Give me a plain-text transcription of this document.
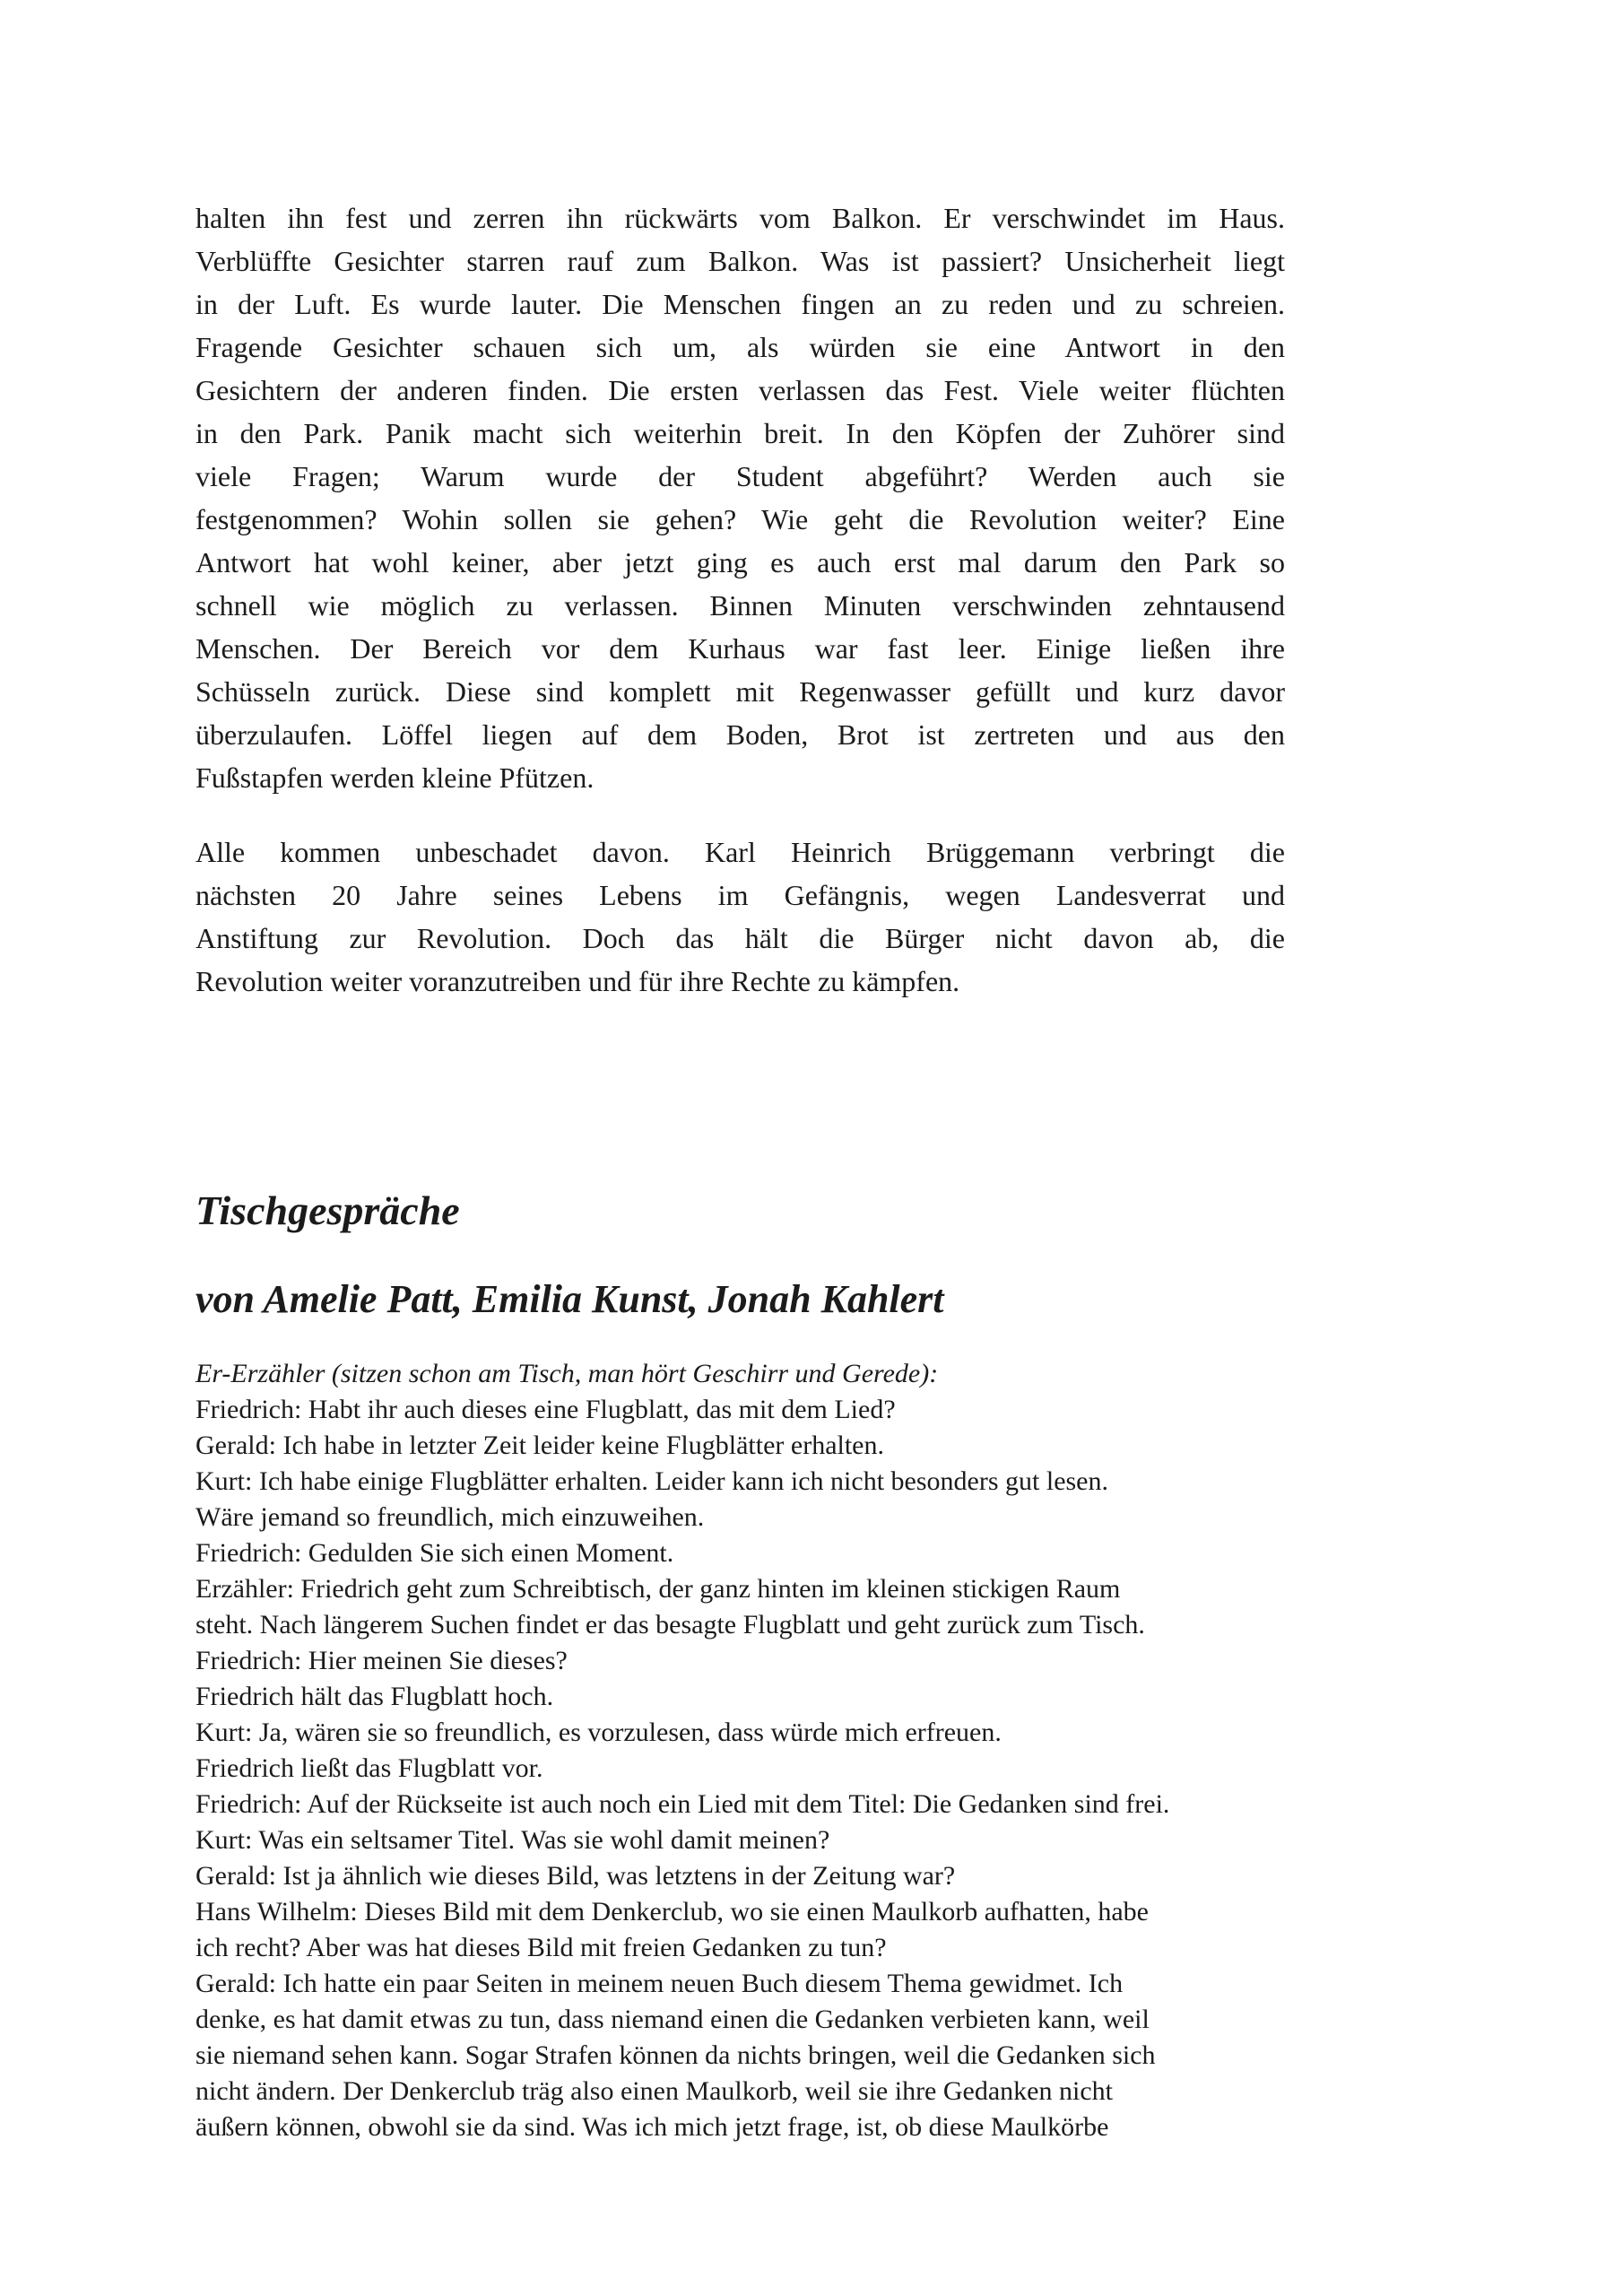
halten ihn fest und zerren ihn rückwärts vom Balkon. Er verschwindet im Haus.
Verblüffte Gesichter starren rauf zum Balkon. Was ist passiert? Unsicherheit liegt
in der Luft. Es wurde lauter. Die Menschen fingen an zu reden und zu schreien.
Fragende Gesichter schauen sich um, als würden sie eine Antwort in den
Gesichtern der anderen finden. Die ersten verlassen das Fest. Viele weiter flüchten
in den Park. Panik macht sich weiterhin breit. In den Köpfen der Zuhörer sind
viele Fragen; Warum wurde der Student abgeführt? Werden auch sie
festgenommen? Wohin sollen sie gehen? Wie geht die Revolution weiter? Eine
Antwort hat wohl keiner, aber jetzt ging es auch erst mal darum den Park so
schnell wie möglich zu verlassen. Binnen Minuten verschwinden zehntausend
Menschen. Der Bereich vor dem Kurhaus war fast leer. Einige ließen ihre
Schüsseln zurück. Diese sind komplett mit Regenwasser gefüllt und kurz davor
überzulaufen. Löffel liegen auf dem Boden, Brot ist zertreten und aus den
Fußstapfen werden kleine Pfützen.
Alle kommen unbeschadet davon. Karl Heinrich Brüggemann verbringt die
nächsten 20 Jahre seines Lebens im Gefängnis, wegen Landesverrat und
Anstiftung zur Revolution. Doch das hält die Bürger nicht davon ab, die
Revolution weiter voranzutreiben und für ihre Rechte zu kämpfen.
Tischgespräche
von Amelie Patt, Emilia Kunst, Jonah Kahlert
Er-Erzähler (sitzen schon am Tisch, man hört Geschirr und Gerede):
Friedrich: Habt ihr auch dieses eine Flugblatt, das mit dem Lied?
Gerald: Ich habe in letzter Zeit leider keine Flugblätter erhalten.
Kurt: Ich habe einige Flugblätter erhalten. Leider kann ich nicht besonders gut lesen.
Wäre jemand so freundlich, mich einzuweihen.
Friedrich: Gedulden Sie sich einen Moment.
Erzähler: Friedrich geht zum Schreibtisch, der ganz hinten im kleinen stickigen Raum
steht. Nach längerem Suchen findet er das besagte Flugblatt und geht zurück zum Tisch.
Friedrich: Hier meinen Sie dieses?
Friedrich hält das Flugblatt hoch.
Kurt: Ja, wären sie so freundlich, es vorzulesen, dass würde mich erfreuen.
Friedrich ließt das Flugblatt vor.
Friedrich: Auf der Rückseite ist auch noch ein Lied mit dem Titel: Die Gedanken sind frei.
Kurt: Was ein seltsamer Titel. Was sie wohl damit meinen?
Gerald: Ist ja ähnlich wie dieses Bild, was letztens in der Zeitung war?
Hans Wilhelm: Dieses Bild mit dem Denkerclub, wo sie einen Maulkorb aufhatten, habe
ich recht? Aber was hat dieses Bild mit freien Gedanken zu tun?
Gerald: Ich hatte ein paar Seiten in meinem neuen Buch diesem Thema gewidmet. Ich
denke, es hat damit etwas zu tun, dass niemand einen die Gedanken verbieten kann, weil
sie niemand sehen kann. Sogar Strafen können da nichts bringen, weil die Gedanken sich
nicht ändern. Der Denkerclub träg also einen Maulkorb, weil sie ihre Gedanken nicht
äußern können, obwohl sie da sind. Was ich mich jetzt frage, ist, ob diese Maulkörbe
